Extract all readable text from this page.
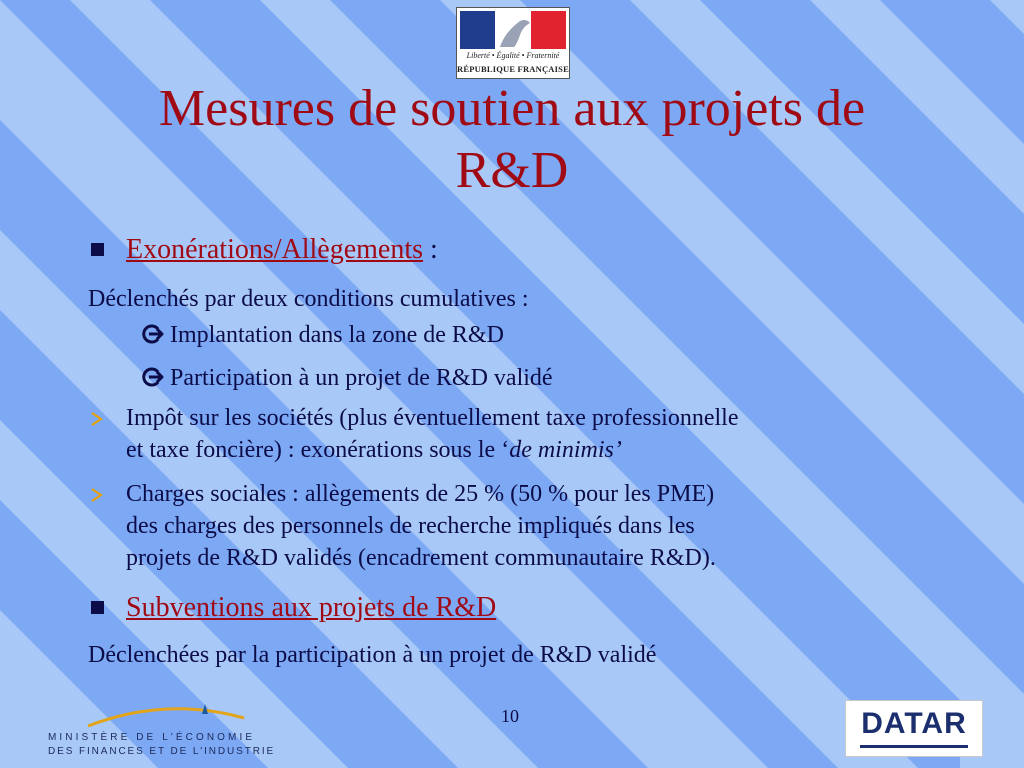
Liberté • Égalité • Fraternité
RÉPUBLIQUE FRANÇAISE
Mesures de soutien aux projets de
R&D
Exonérations/Allègements :
Déclenchés par deux conditions cumulatives :
Implantation dans la zone de R&D
Participation à un projet de R&D validé
Impôt sur les sociétés (plus éventuellement taxe professionnelle
et taxe foncière) : exonérations sous le ‘de minimis’
Charges sociales : allègements de 25 % (50 % pour les PME)
des charges des personnels de recherche impliqués dans les
projets de R&D validés (encadrement communautaire R&D).
Subventions aux projets de R&D
Déclenchées par la participation à un projet de R&D validé
10
MINISTÈRE DE L'ÉCONOMIE
DES FINANCES ET DE L'INDUSTRIE
DATAR
